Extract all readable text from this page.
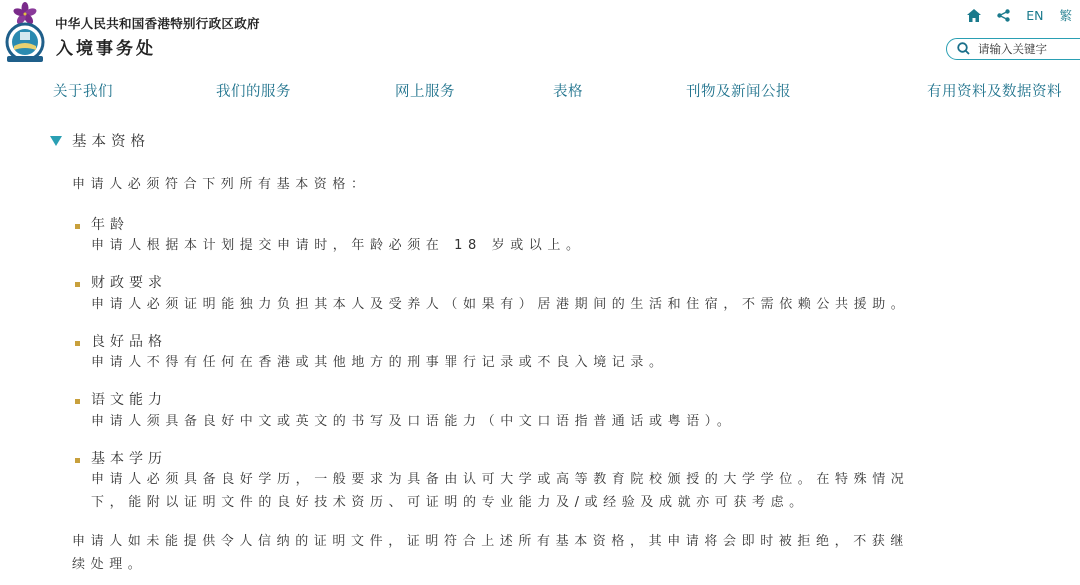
中华人民共和国香港特别行政区政府
入境事务处
EN 繁
请输入关键字
关于我们	我们的服务	网上服务	表格	刊物及新闻公报	有用资料及数据资料
基本资格
申请人必须符合下列所有基本资格：
年龄
申请人根据本计划提交申请时，年龄必须在 18 岁或以上。
财政要求
申请人必须证明能独力负担其本人及受养人（如果有）居港期间的生活和住宿，不需依赖公共援助。
良好品格
申请人不得有任何在香港或其他地方的刑事罪行记录或不良入境记录。
语文能力
申请人须具备良好中文或英文的书写及口语能力（中文口语指普通话或粤语）。
基本学历
申请人必须具备良好学历，一般要求为具备由认可大学或高等教育院校颁授的大学学位。在特殊情况
下，能附以证明文件的良好技术资历、可证明的专业能力及/或经验及成就亦可获考虑。
申请人如未能提供令人信纳的证明文件，证明符合上述所有基本资格，其申请将会即时被拒绝，不获继
续处理。
